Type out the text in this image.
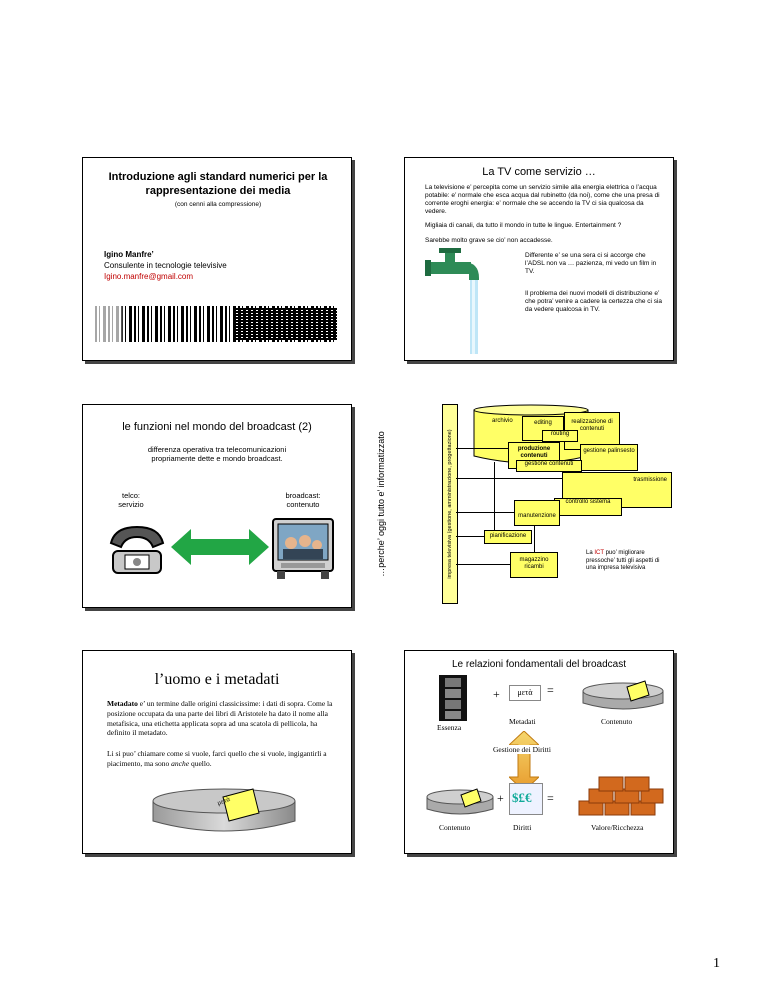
Introduzione agli standard numerici per la rappresentazione dei media
(con cenni alla compressione)
Igino Manfre’
Consulente in tecnologie televisive
Igino.manfre@gmail.com
La TV come servizio …
La televisione e’ percepita come un servizio simile alla energia elettrica o l’acqua potabile: e’ normale che esca acqua dal rubinetto (da noi), come che una presa di corrente eroghi energia: e’ normale che se accendo la TV ci sia qualcosa da vedere.
Migliaia di canali, da tutto il mondo in tutte le lingue. Entertainment ?
Sarebbe molto grave se cio’ non accadesse.
Differente e’ se una sera ci si accorge che l’ADSL non va … pazienza, mi vedo un film in TV.
Il problema dei nuovi modelli di distribuzione e’ che potra’ venire a cadere la certezza che ci sia da vedere qualcosa in TV.
le funzioni nel mondo del broadcast (2)
differenza operativa tra telecomunicazioni propriamente dette e mondo broadcast.
telco: servizio
broadcast: contenuto	…perche’ oggi tutto e’ informatizzato	impresa televisiva (gestione, amministrazione, progettazione)
archivio	editing	realizzazione di contenuti
routing
produzione contenuti
gestione palinsesto
gestione contenuti
trasmissione
controllo sistema
manutenzione
pianificazione
magazzino ricambi
La ICT puo’ migliorare pressoche’ tutti gli aspetti di una impresa televisiva
l’uomo e i metadati
Metadato e’ un termine dalle origini classicissime: i dati di sopra. Come la posizione occupata da una parte dei libri di Aristotele ha dato il nome alla metafisica, una etichetta applicata sopra ad una scatola di pellicola, ha definito il metadato.
Li si puo’ chiamare come si vuole, farci quello che si vuole, ingigantirli a piacimento, ma sono anche quello.
μετὰ
Le relazioni fondamentali del broadcast
+	μετὰ	=
Essenza
Metadati	Contenuto
Gestione dei Diritti
+ $£€ =
Contenuto	Diritti	Valore/Ricchezza
1
